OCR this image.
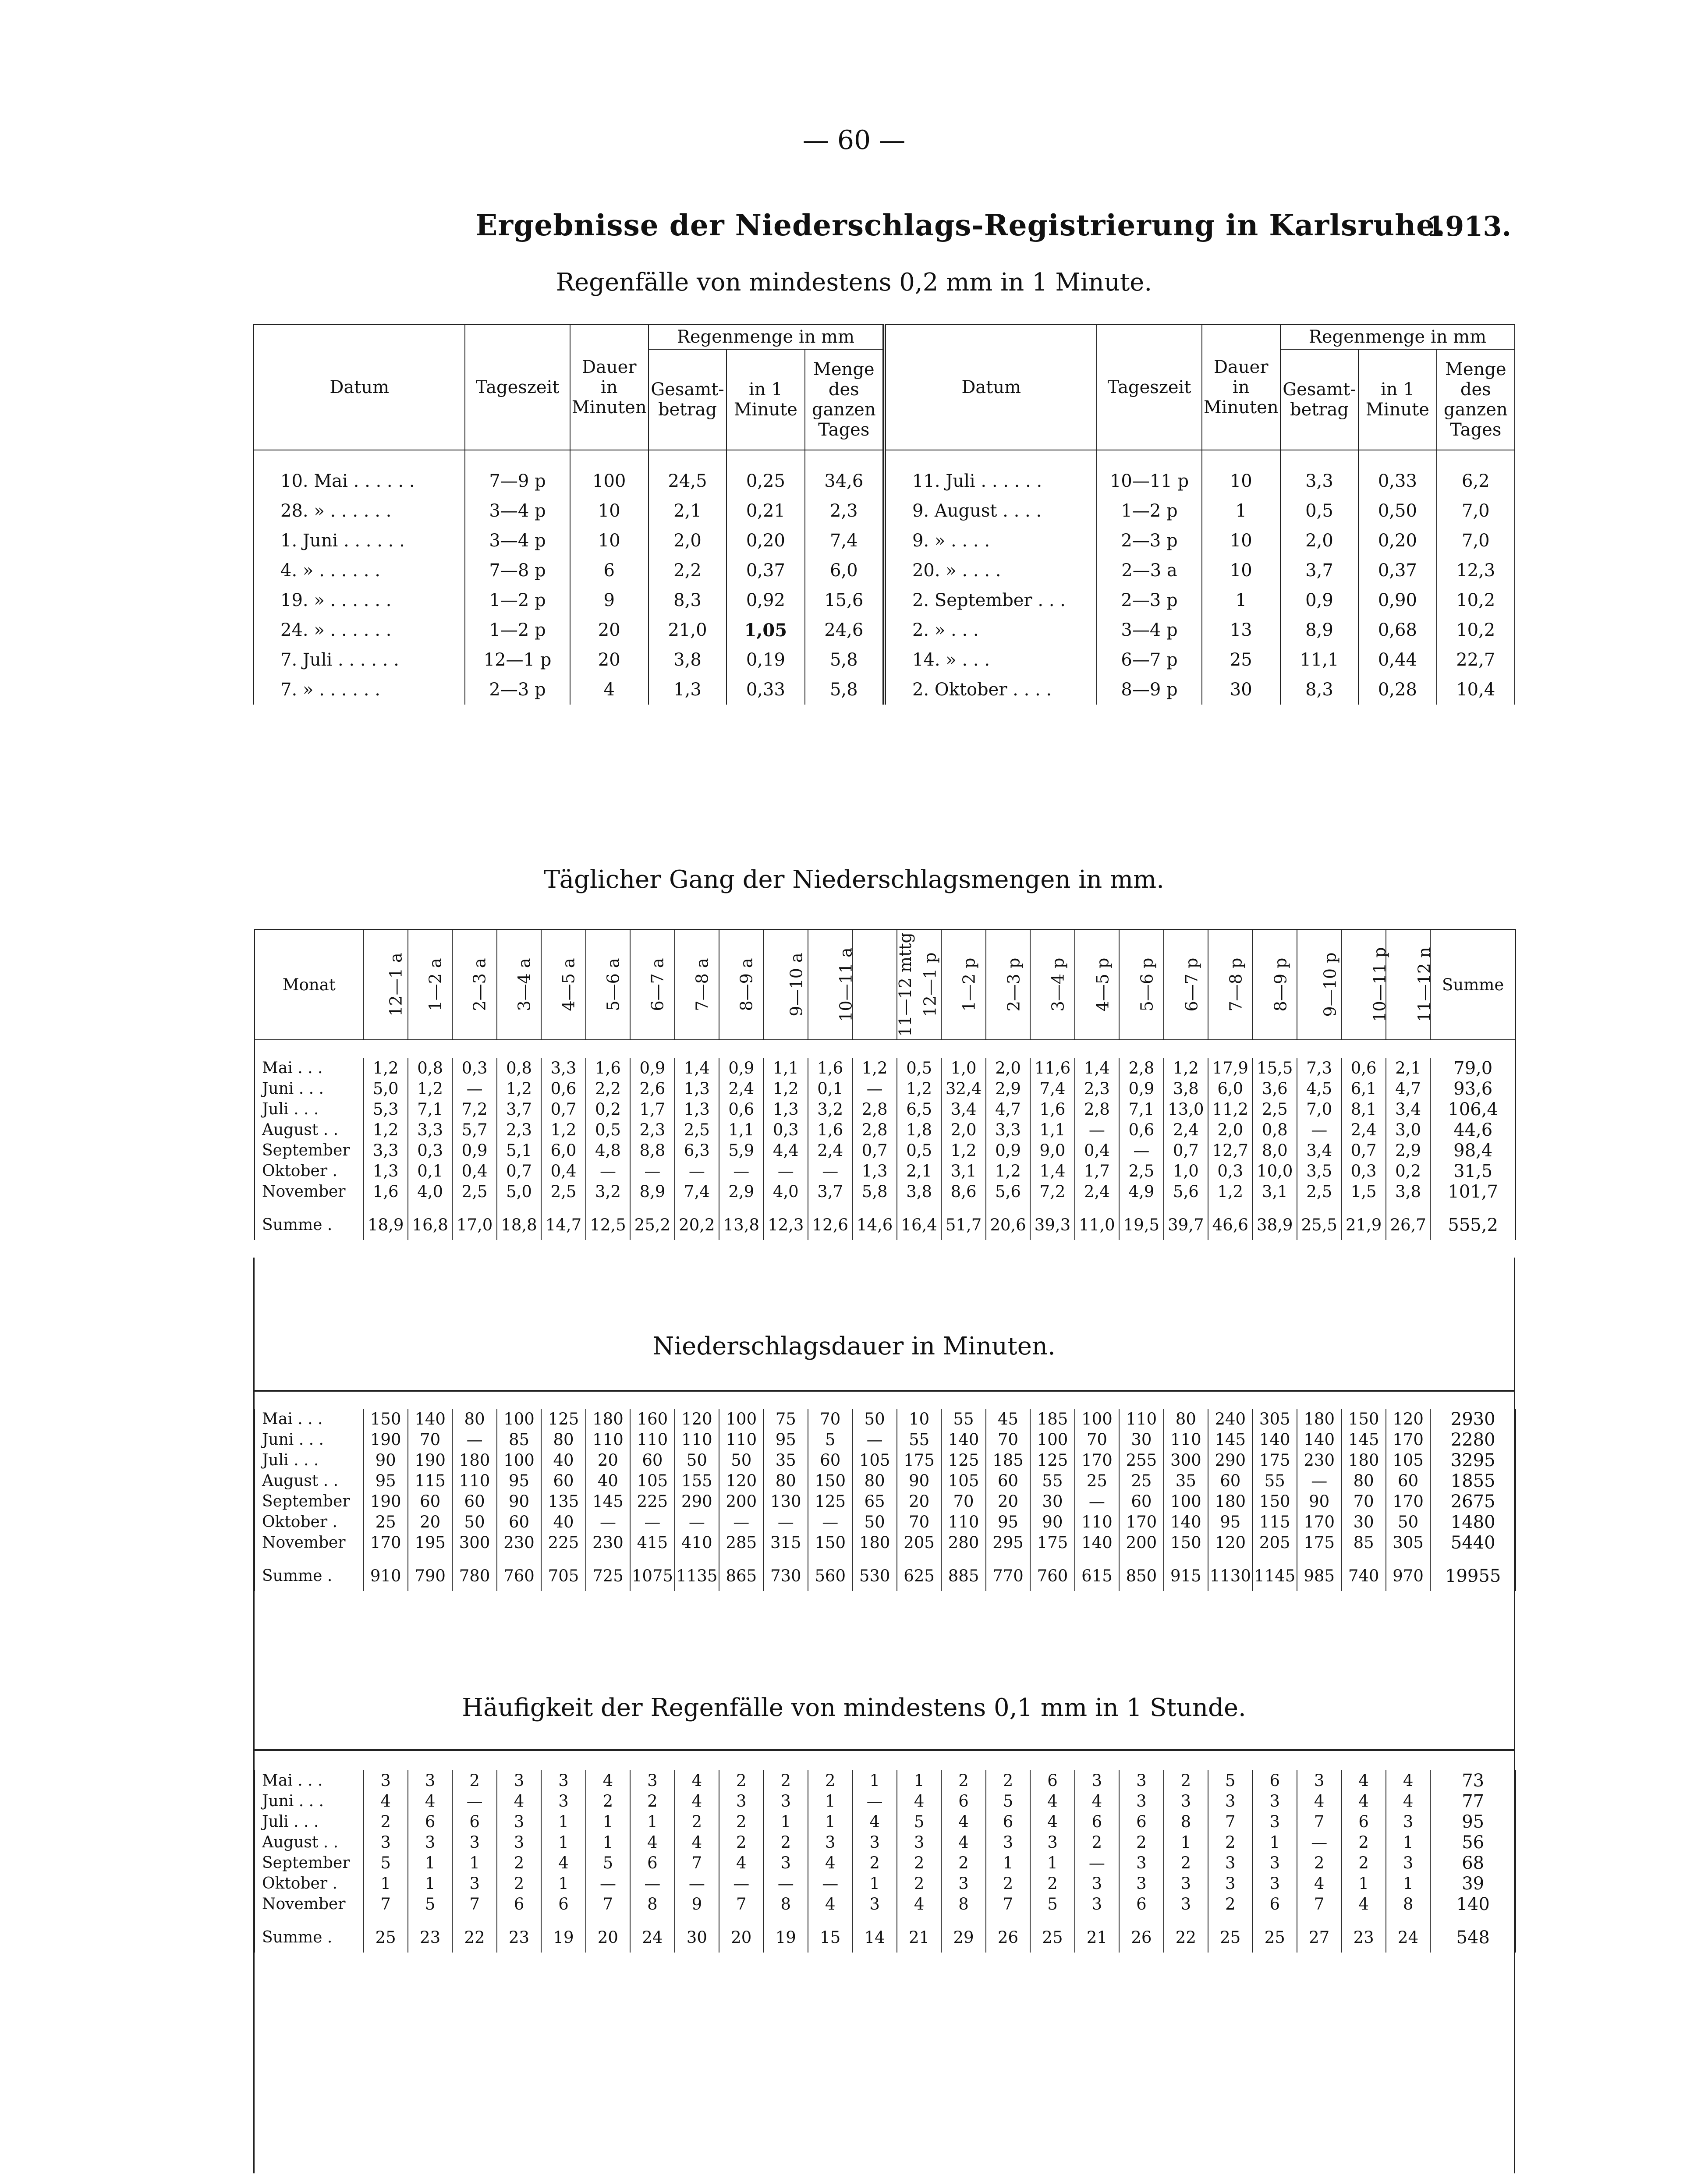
— 60 —
Ergebnisse der Niederschlags-Registrierung in Karlsruhe.
1913.
Regenfälle von mindestens 0,2 mm in 1 Minute.
Datum	Tageszeit	Dauer in Minuten	Regenmenge in mm			Datum	Tageszeit	Dauer in Minuten	Regenmenge in mm		
			Gesamt-betrag	in 1 Minute	Menge des ganzen Tages				Gesamt-betrag	in 1 Minute	Menge des ganzen Tages
10. Mai . . . . . .	7—9 p	100	24,5	0,25	34,6	11. Juli . . . . . .	10—11 p	10	3,3	0,33	6,2
28. » . . . . . .	3—4 p	10	2,1	0,21	2,3	9. August . . . .	1—2 p	1	0,5	0,50	7,0
1. Juni . . . . . .	3—4 p	10	2,0	0,20	7,4	9. » . . . .	2—3 p	10	2,0	0,20	7,0
4. » . . . . . .	7—8 p	6	2,2	0,37	6,0	20. » . . . .	2—3 a	10	3,7	0,37	12,3
19. » . . . . . .	1—2 p	9	8,3	0,92	15,6	2. September . . .	2—3 p	1	0,9	0,90	10,2
24. » . . . . . .	1—2 p	20	21,0	1,05	24,6	2. » . . .	3—4 p	13	8,9	0,68	10,2
7. Juli . . . . . .	12—1 p	20	3,8	0,19	5,8	14. » . . .	6—7 p	25	11,1	0,44	22,7
7. » . . . . . .	2—3 p	4	1,3	0,33	5,8	2. Oktober . . . .	8—9 p	30	8,3	0,28	10,4
Täglicher Gang der Niederschlagsmengen in mm.
Monat	12—1 a	1—2 a	2—3 a	3—4 a	4—5 a	5—6 a	6—7 a	7—8 a	8—9 a	9—10 a	10—11 a	11—12 mttg	12—1 p	1—2 p	2—3 p	3—4 p	4—5 p	5—6 p	6—7 p	7—8 p	8—9 p	9—10 p	10—11 p	11—12 n	Summe

Mai . . .	1,2	0,8	0,3	0,8	3,3	1,6	0,9	1,4	0,9	1,1	1,6	1,2	0,5	1,0	2,0	11,6	1,4	2,8	1,2	17,9	15,5	7,3	0,6	2,1	79,0
Juni . . .	5,0	1,2	—	1,2	0,6	2,2	2,6	1,3	2,4	1,2	0,1	—	1,2	32,4	2,9	7,4	2,3	0,9	3,8	6,0	3,6	4,5	6,1	4,7	93,6
Juli . . .	5,3	7,1	7,2	3,7	0,7	0,2	1,7	1,3	0,6	1,3	3,2	2,8	6,5	3,4	4,7	1,6	2,8	7,1	13,0	11,2	2,5	7,0	8,1	3,4	106,4
August . .	1,2	3,3	5,7	2,3	1,2	0,5	2,3	2,5	1,1	0,3	1,6	2,8	1,8	2,0	3,3	1,1	—	0,6	2,4	2,0	0,8	—	2,4	3,0	44,6
September	3,3	0,3	0,9	5,1	6,0	4,8	8,8	6,3	5,9	4,4	2,4	0,7	0,5	1,2	0,9	9,0	0,4	—	0,7	12,7	8,0	3,4	0,7	2,9	98,4
Oktober .	1,3	0,1	0,4	0,7	0,4	—	—	—	—	—	—	1,3	2,1	3,1	1,2	1,4	1,7	2,5	1,0	0,3	10,0	3,5	0,3	0,2	31,5
November	1,6	4,0	2,5	5,0	2,5	3,2	8,9	7,4	2,9	4,0	3,7	5,8	3,8	8,6	5,6	7,2	2,4	4,9	5,6	1,2	3,1	2,5	1,5	3,8	101,7
Summe .	18,9	16,8	17,0	18,8	14,7	12,5	25,2	20,2	13,8	12,3	12,6	14,6	16,4	51,7	20,6	39,3	11,0	19,5	39,7	46,6	38,9	25,5	21,9	26,7	555,2
Niederschlagsdauer in Minuten.
Mai . . .	150	140	80	100	125	180	160	120	100	75	70	50	10	55	45	185	100	110	80	240	305	180	150	120	2930
Juni . . .	190	70	—	85	80	110	110	110	110	95	5	—	55	140	70	100	70	30	110	145	140	140	145	170	2280
Juli . . .	90	190	180	100	40	20	60	50	50	35	60	105	175	125	185	125	170	255	300	290	175	230	180	105	3295
August . .	95	115	110	95	60	40	105	155	120	80	150	80	90	105	60	55	25	25	35	60	55	—	80	60	1855
September	190	60	60	90	135	145	225	290	200	130	125	65	20	70	20	30	—	60	100	180	150	90	70	170	2675
Oktober .	25	20	50	60	40	—	—	—	—	—	—	50	70	110	95	90	110	170	140	95	115	170	30	50	1480
November	170	195	300	230	225	230	415	410	285	315	150	180	205	280	295	175	140	200	150	120	205	175	85	305	5440
Summe .	910	790	780	760	705	725	1075	1135	865	730	560	530	625	885	770	760	615	850	915	1130	1145	985	740	970	19955
Häufigkeit der Regenfälle von mindestens 0,1 mm in 1 Stunde.
Mai . . .	3	3	2	3	3	4	3	4	2	2	2	1	1	2	2	6	3	3	2	5	6	3	4	4	73
Juni . . .	4	4	—	4	3	2	2	4	3	3	1	—	4	6	5	4	4	3	3	3	3	4	4	4	77
Juli . . .	2	6	6	3	1	1	1	2	2	1	1	4	5	4	6	4	6	6	8	7	3	7	6	3	95
August . .	3	3	3	3	1	1	4	4	2	2	3	3	3	4	3	3	2	2	1	2	1	—	2	1	56
September	5	1	1	2	4	5	6	7	4	3	4	2	2	2	1	1	—	3	2	3	3	2	2	3	68
Oktober .	1	1	3	2	1	—	—	—	—	—	—	1	2	3	2	2	3	3	3	3	3	4	1	1	39
November	7	5	7	6	6	7	8	9	7	8	4	3	4	8	7	5	3	6	3	2	6	7	4	8	140
Summe .	25	23	22	23	19	20	24	30	20	19	15	14	21	29	26	25	21	26	22	25	25	27	23	24	548
